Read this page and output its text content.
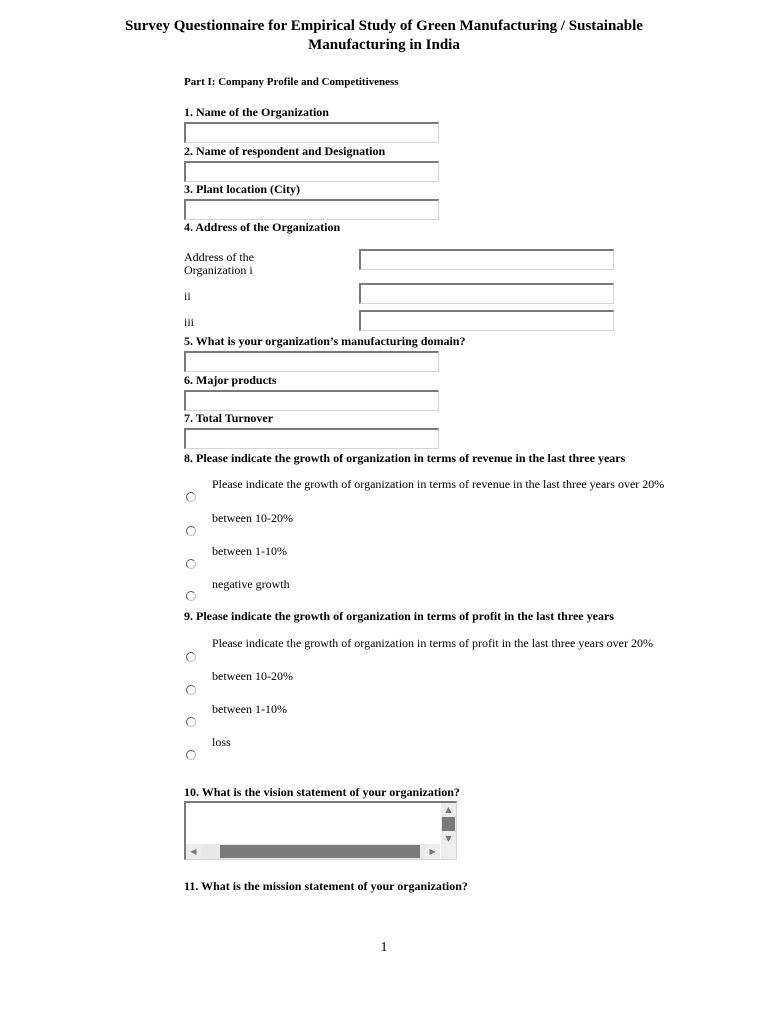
Survey Questionnaire for Empirical Study of Green Manufacturing / Sustainable
Manufacturing in India
Part I: Company Profile and Competitiveness
1. Name of the Organization
2. Name of respondent and Designation
3. Plant location (City)
4. Address of the Organization
Address of the
Organization i
ii
iii
5. What is your organization’s manufacturing domain?
6. Major products
7. Total Turnover
8. Please indicate the growth of organization in terms of revenue in the last three years
Please indicate the growth of organization in terms of revenue in the last three years over 20%
between 10-20%
between 1-10%
negative growth
9. Please indicate the growth of organization in terms of profit in the last three years
Please indicate the growth of organization in terms of profit in the last three years over 20%
between 10-20%
between 1-10%
loss
10. What is the vision statement of your organization?
▲
▼
◀	▶
11. What is the mission statement of your organization?
1
